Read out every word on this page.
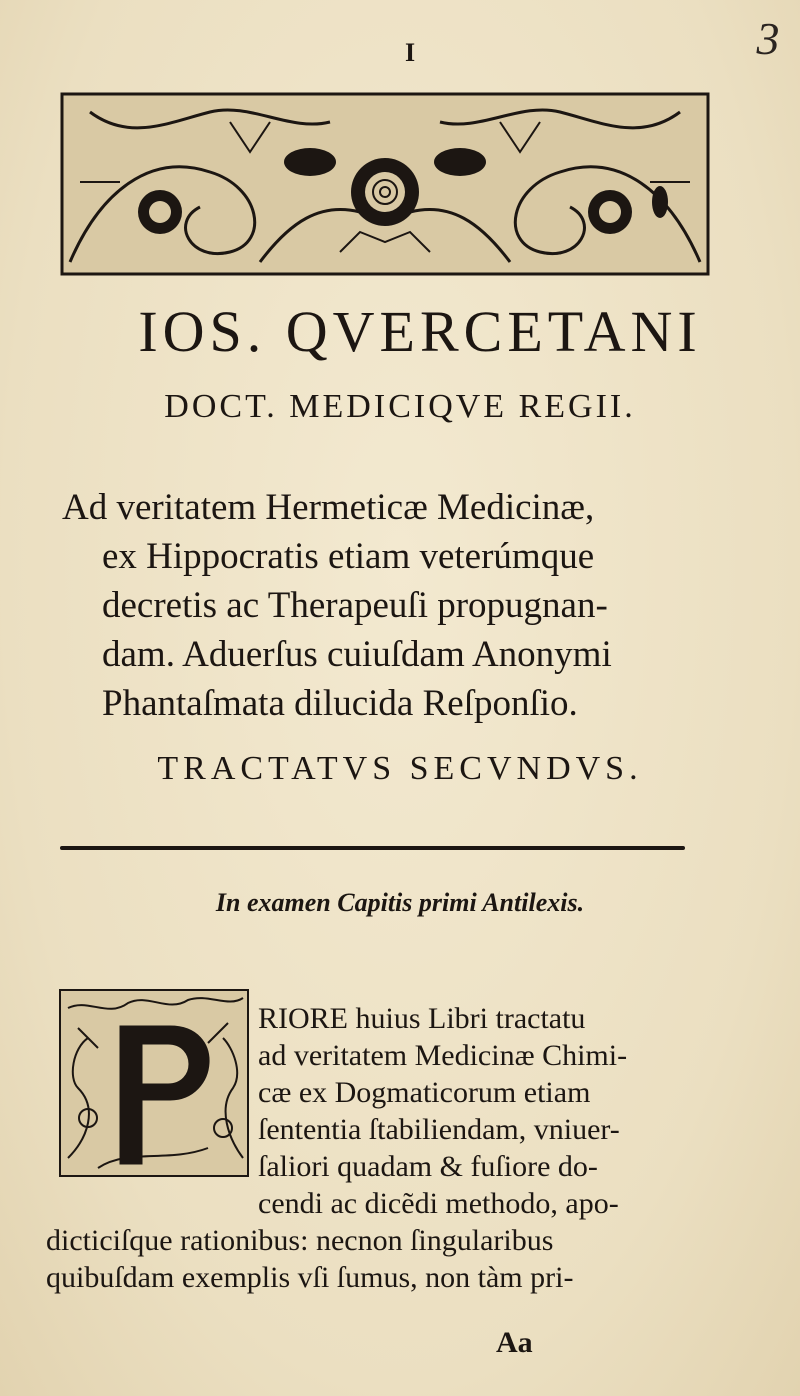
I	3
IOS. QVERCETANI
DOCT. MEDICIQVE REGII.
Ad veritatem Hermeticæ Medicinæ,
ex Hippocratis etiam veterúmque
decretis ac Therapeuſi propugnan-
dam. Aduerſus cuiuſdam Anonymi
Phantaſmata dilucida Reſponſio.
TRACTATVS SECVNDVS.
In examen Capitis primi Antilexis.
RIORE huius Libri tractatu
ad veritatem Medicinæ Chimi-
cæ ex Dogmaticorum etiam
ſententia ſtabiliendam, vniuer-
ſaliori quadam & fuſiore do-
cendi ac dicẽdi methodo, apo-
dicticiſque rationibus: necnon ſingularibus
quibuſdam exemplis vſi ſumus, non tàm pri-
Aa
